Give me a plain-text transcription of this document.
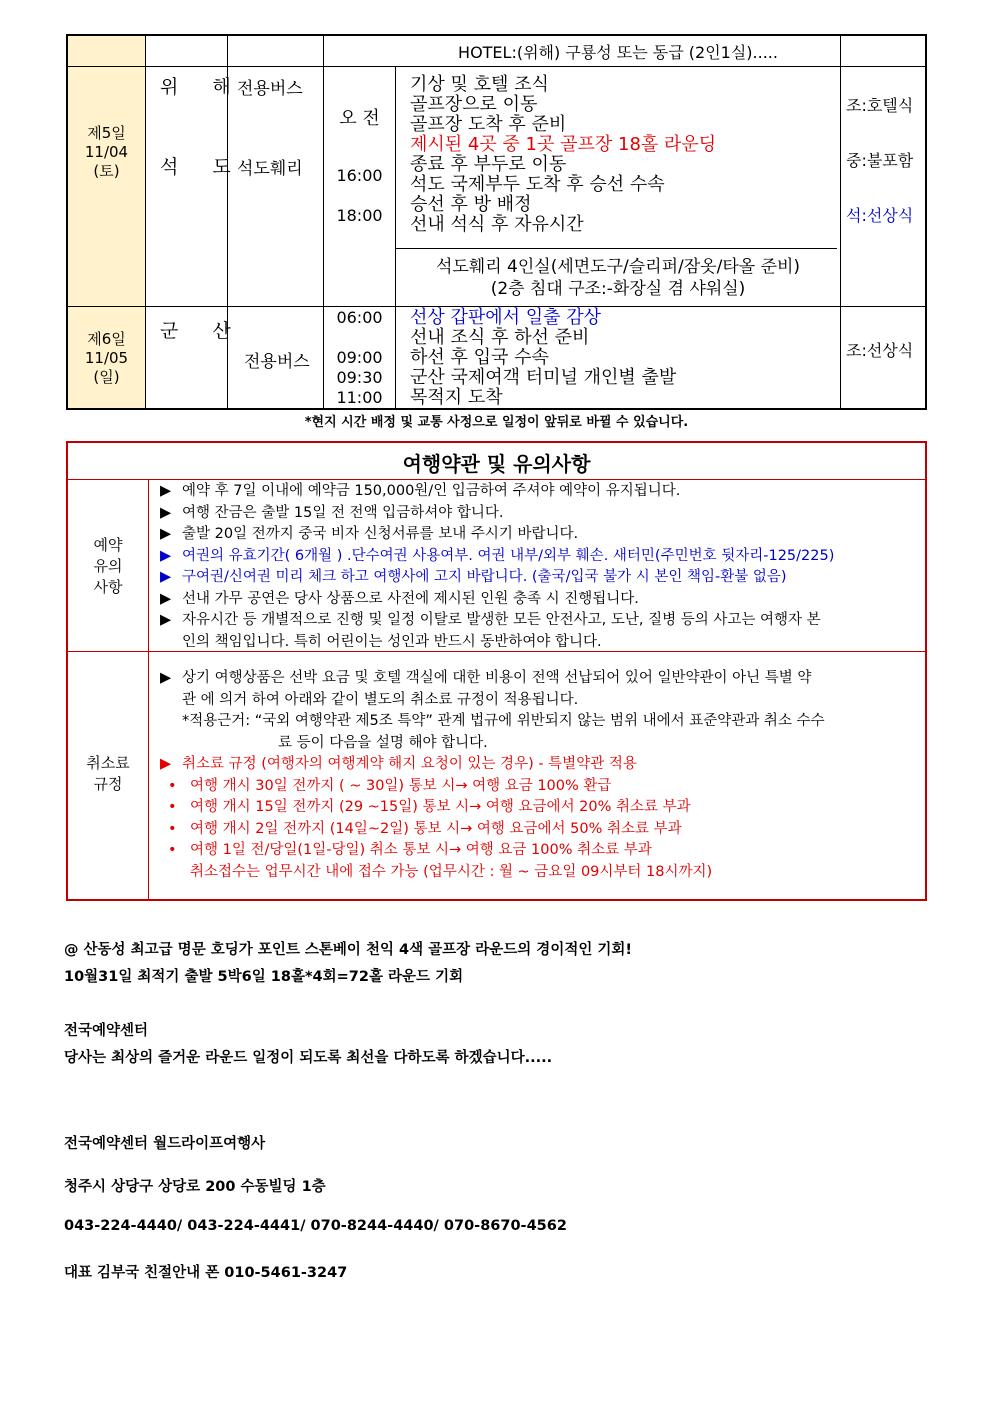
HOTEL:(위해) 구룡성 또는 동급 (2인1실).....
제5일
11/04
(토)
위 해
석 도
전용버스
석도훼리
오 전
16:00
18:00
기상 및 호텔 조식
골프장으로 이동
골프장 도착 후 준비
제시된 4곳 중 1곳 골프장 18홀 라운딩
종료 후 부두로 이동
석도 국제부두 도착 후 승선 수속
승선 후 방 배정
선내 석식 후 자유시간
석도훼리 4인실(세면도구/슬리퍼/잠옷/타올 준비)
(2층 침대 구조:-화장실 겸 샤워실)
조:호텔식
중:불포함
석:선상식
제6일
11/05
(일)
군 산
전용버스
06:00
09:00
09:30
11:00
선상 갑판에서 일출 감상
선내 조식 후 하선 준비
하선 후 입국 수속
군산 국제여객 터미널 개인별 출발
목적지 도착
조:선상식
*현지 시간 배정 및 교통 사정으로 일정이 앞뒤로 바뀔 수 있습니다.
여행약관 및 유의사항
예약
유의
사항
▶ 예약 후 7일 이내에 예약금 150,000원/인 입금하여 주셔야 예약이 유지됩니다.
▶ 여행 잔금은 출발 15일 전 전액 입금하셔야 합니다.
▶ 출발 20일 전까지 중국 비자 신청서류를 보내 주시기 바랍니다.
▶ 여권의 유효기간( 6개월 ) .단수여권 사용여부. 여권 내부/외부 훼손. 새터민(주민번호 뒷자리-125/225)
▶ 구여권/신여권 미리 체크 하고 여행사에 고지 바랍니다. (출국/입국 불가 시 본인 책임-환불 없음)
▶ 선내 가무 공연은 당사 상품으로 사전에 제시된 인원 충족 시 진행됩니다.
▶ 자유시간 등 개별적으로 진행 및 일정 이탈로 발생한 모든 안전사고, 도난, 질병 등의 사고는 여행자 본
인의 책임입니다. 특히 어린이는 성인과 반드시 동반하여야 합니다.
취소료
규정
▶ 상기 여행상품은 선박 요금 및 호텔 객실에 대한 비용이 전액 선납되어 있어 일반약관이 아닌 특별 약
관 에 의거 하여 아래와 같이 별도의 취소료 규정이 적용됩니다.
*적용근거: “국외 여행약관 제5조 특약” 관계 법규에 위반되지 않는 범위 내에서 표준약관과 취소 수수
료 등이 다음을 설명 해야 합니다.
▶ 취소료 규정 (여행자의 여행계약 해지 요청이 있는 경우) - 특별약관 적용
• 여행 개시 30일 전까지 ( ~ 30일) 통보 시→ 여행 요금 100% 환급
• 여행 개시 15일 전까지 (29 ~15일) 통보 시→ 여행 요금에서 20% 취소료 부과
• 여행 개시 2일 전까지 (14일~2일) 통보 시→ 여행 요금에서 50% 취소료 부과
• 여행 1일 전/당일(1일-당일) 취소 통보 시→ 여행 요금 100% 취소료 부과
취소접수는 업무시간 내에 접수 가능 (업무시간 : 월 ~ 금요일 09시부터 18시까지)
@ 산동성 최고급 명문 호딩가 포인트 스톤베이 천익 4색 골프장 라운드의 경이적인 기회!
10월31일 최적기 출발 5박6일 18홀*4회=72홀 라운드 기회
전국예약센터
당사는 최상의 즐거운 라운드 일정이 되도록 최선을 다하도록 하겠습니다.....
전국예약센터 월드라이프여행사
청주시 상당구 상당로 200 수동빌딩 1층
043-224-4440/ 043-224-4441/ 070-8244-4440/ 070-8670-4562
대표 김부국 친절안내 폰 010-5461-3247
